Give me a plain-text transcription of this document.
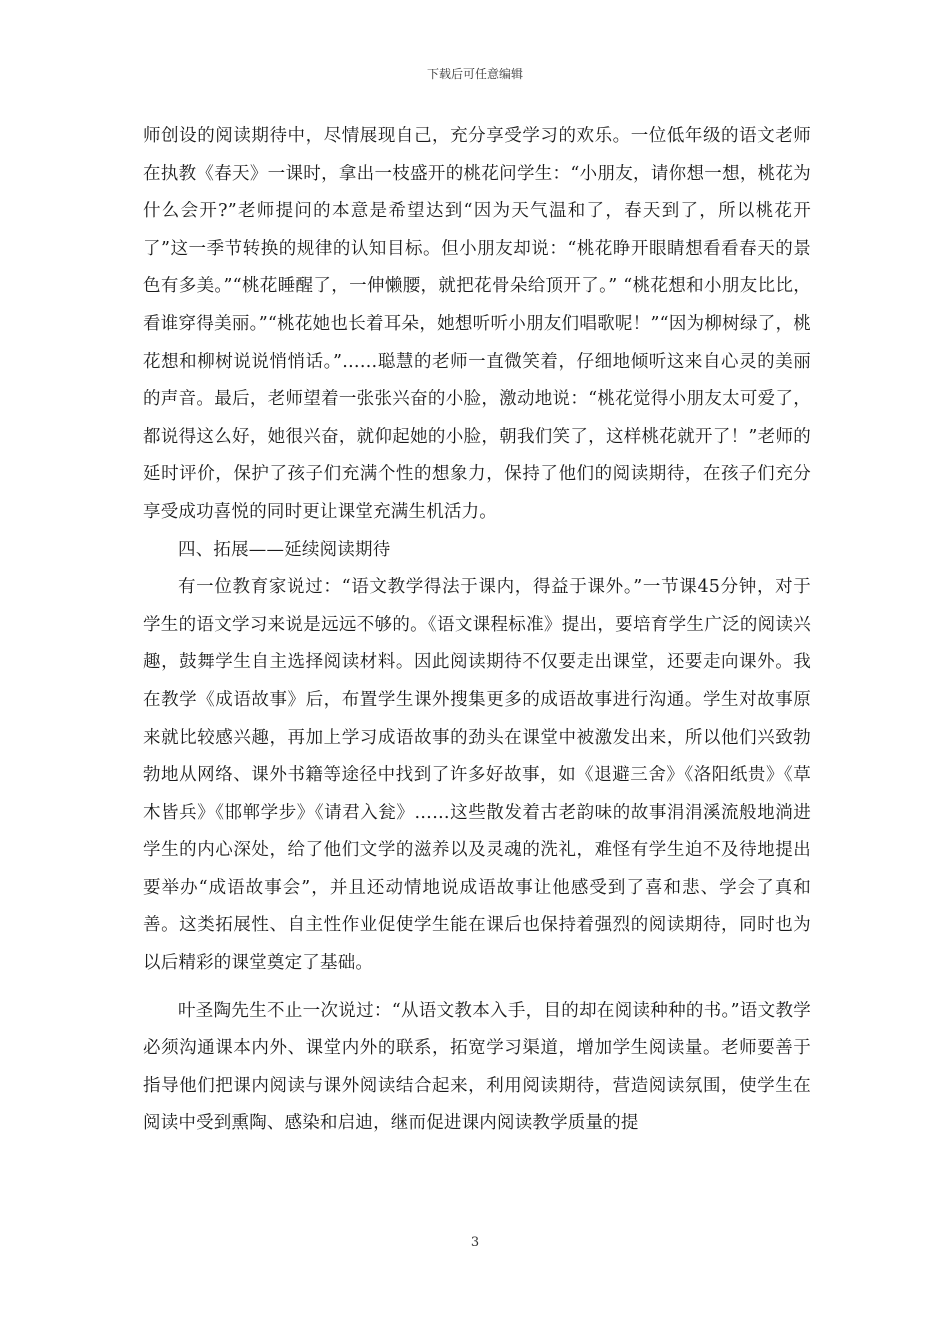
下载后可任意编辑

师创设的阅读期待中，尽情展现自己，充分享受学习的欢乐。一位低年级的语文老师在执教《春天》一课时，拿出一枝盛开的桃花问学生：“小朋友，请你想一想，桃花为什么会开?”老师提问的本意是希望达到“因为天气温和了，春天到了，所以桃花开了”这一季节转换的规律的认知目标。但小朋友却说：“桃花睁开眼睛想看看春天的景色有多美。”“桃花睡醒了，一伸懒腰，就把花骨朵给顶开了。” “桃花想和小朋友比比，看谁穿得美丽。”“桃花她也长着耳朵，她想听听小朋友们唱歌呢！”“因为柳树绿了，桃花想和柳树说说悄悄话。”……聪慧的老师一直微笑着，仔细地倾听这来自心灵的美丽的声音。最后，老师望着一张张兴奋的小脸，激动地说：“桃花觉得小朋友太可爱了，都说得这么好，她很兴奋，就仰起她的小脸，朝我们笑了，这样桃花就开了！”老师的延时评价，保护了孩子们充满个性的想象力，保持了他们的阅读期待，在孩子们充分享受成功喜悦的同时更让课堂充满生机活力。

四、拓展——延续阅读期待

有一位教育家说过：“语文教学得法于课内，得益于课外。”一节课45分钟，对于学生的语文学习来说是远远不够的。《语文课程标准》提出，要培育学生广泛的阅读兴趣，鼓舞学生自主选择阅读材料。因此阅读期待不仅要走出课堂，还要走向课外。我在教学《成语故事》后，布置学生课外搜集更多的成语故事进行沟通。学生对故事原来就比较感兴趣，再加上学习成语故事的劲头在课堂中被激发出来，所以他们兴致勃勃地从网络、课外书籍等途径中找到了许多好故事，如《退避三舍》《洛阳纸贵》《草木皆兵》《邯郸学步》《请君入瓮》……这些散发着古老韵味的故事涓涓溪流般地淌进学生的内心深处，给了他们文学的滋养以及灵魂的洗礼，难怪有学生迫不及待地提出要举办“成语故事会”，并且还动情地说成语故事让他感受到了喜和悲、学会了真和善。这类拓展性、自主性作业促使学生能在课后也保持着强烈的阅读期待，同时也为以后精彩的课堂奠定了基础。

叶圣陶先生不止一次说过：“从语文教本入手，目的却在阅读种种的书。”语文教学必须沟通课本内外、课堂内外的联系，拓宽学习渠道，增加学生阅读量。老师要善于指导他们把课内阅读与课外阅读结合起来，利用阅读期待，营造阅读氛围，使学生在阅读中受到熏陶、感染和启迪，继而促进课内阅读教学质量的提

3
